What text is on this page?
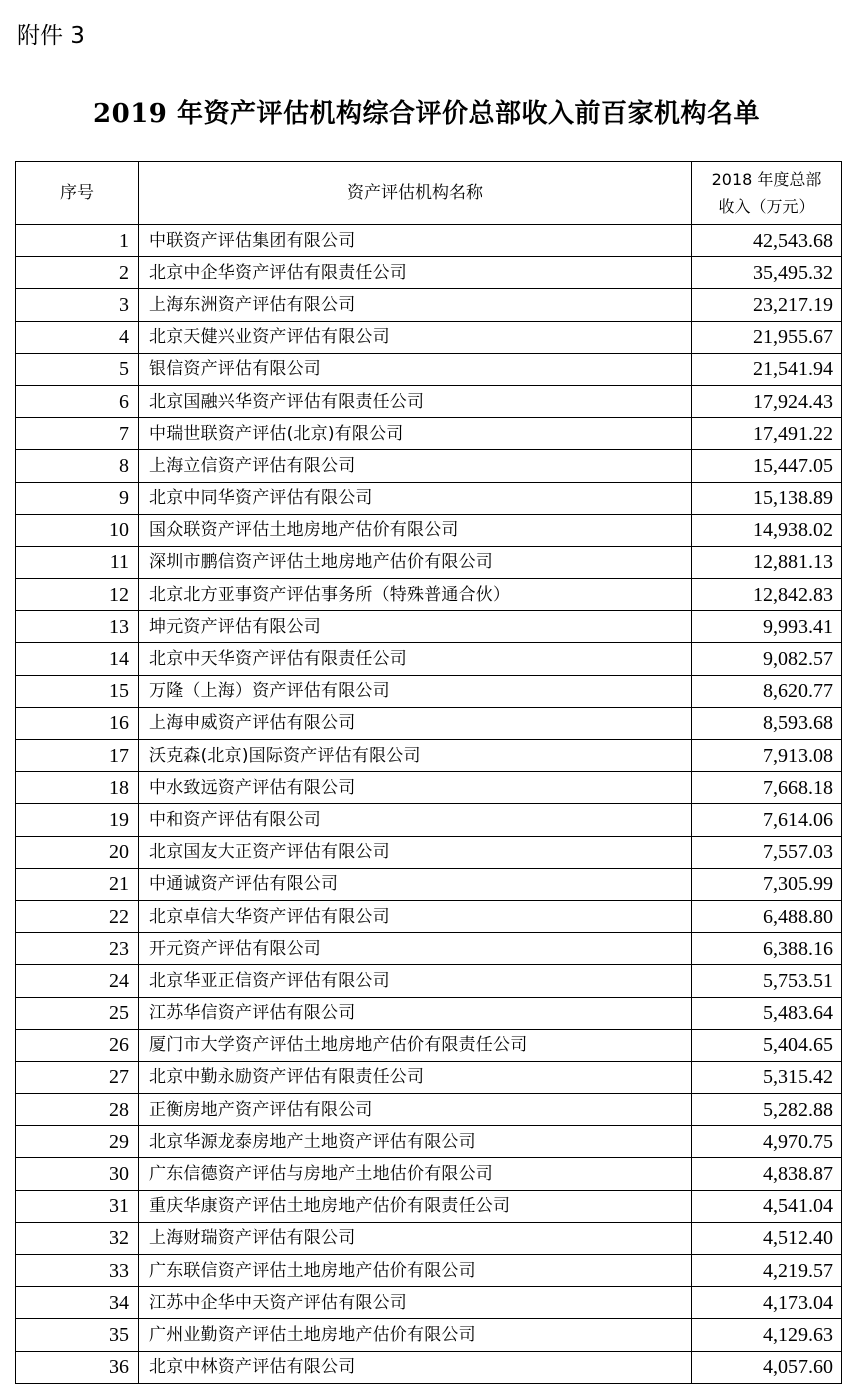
附件 3
2019 年资产评估机构综合评价总部收入前百家机构名单
序号	资产评估机构名称	2018 年度总部
收入（万元）

1	中联资产评估集团有限公司	42,543.68
2	北京中企华资产评估有限责任公司	35,495.32
3	上海东洲资产评估有限公司	23,217.19
4	北京天健兴业资产评估有限公司	21,955.67
5	银信资产评估有限公司	21,541.94
6	北京国融兴华资产评估有限责任公司	17,924.43
7	中瑞世联资产评估(北京)有限公司	17,491.22
8	上海立信资产评估有限公司	15,447.05
9	北京中同华资产评估有限公司	15,138.89
10	国众联资产评估土地房地产估价有限公司	14,938.02
11	深圳市鹏信资产评估土地房地产估价有限公司	12,881.13
12	北京北方亚事资产评估事务所（特殊普通合伙）	12,842.83
13	坤元资产评估有限公司	9,993.41
14	北京中天华资产评估有限责任公司	9,082.57
15	万隆（上海）资产评估有限公司	8,620.77
16	上海申威资产评估有限公司	8,593.68
17	沃克森(北京)国际资产评估有限公司	7,913.08
18	中水致远资产评估有限公司	7,668.18
19	中和资产评估有限公司	7,614.06
20	北京国友大正资产评估有限公司	7,557.03
21	中通诚资产评估有限公司	7,305.99
22	北京卓信大华资产评估有限公司	6,488.80
23	开元资产评估有限公司	6,388.16
24	北京华亚正信资产评估有限公司	5,753.51
25	江苏华信资产评估有限公司	5,483.64
26	厦门市大学资产评估土地房地产估价有限责任公司	5,404.65
27	北京中勤永励资产评估有限责任公司	5,315.42
28	正衡房地产资产评估有限公司	5,282.88
29	北京华源龙泰房地产土地资产评估有限公司	4,970.75
30	广东信德资产评估与房地产土地估价有限公司	4,838.87
31	重庆华康资产评估土地房地产估价有限责任公司	4,541.04
32	上海财瑞资产评估有限公司	4,512.40
33	广东联信资产评估土地房地产估价有限公司	4,219.57
34	江苏中企华中天资产评估有限公司	4,173.04
35	广州业勤资产评估土地房地产估价有限公司	4,129.63
36	北京中林资产评估有限公司	4,057.60
